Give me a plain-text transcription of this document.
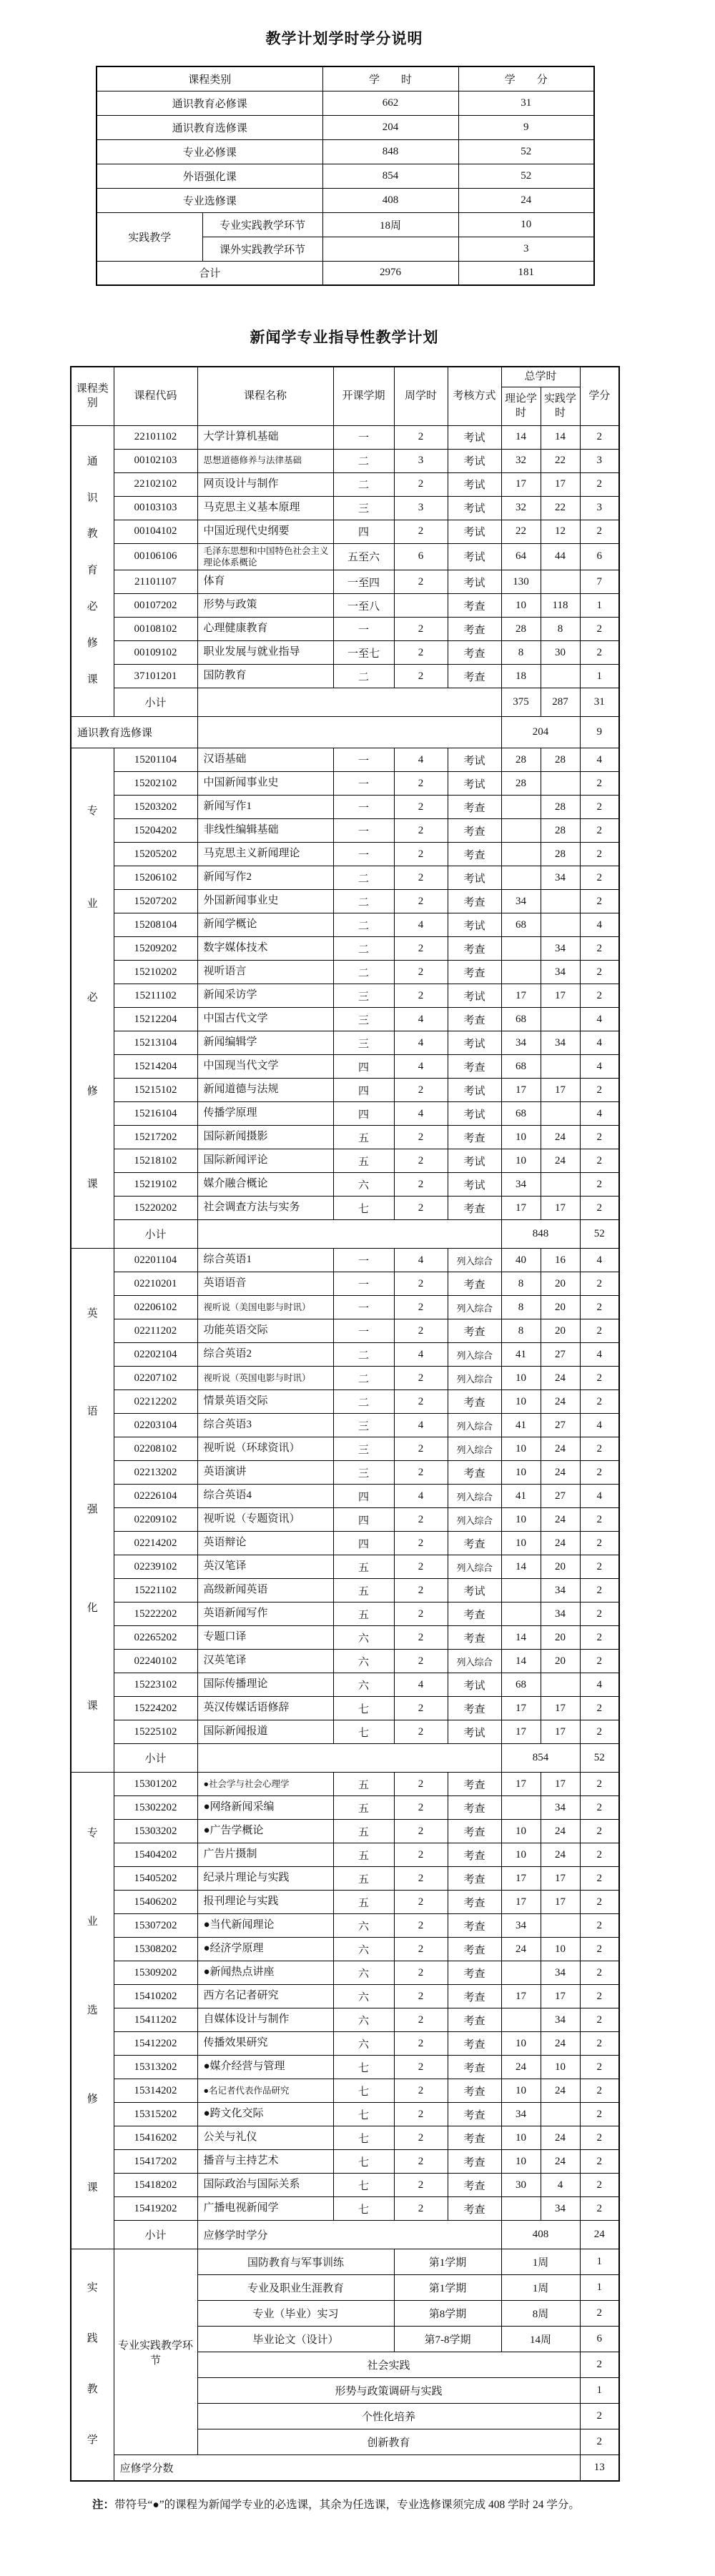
教学计划学时学分说明
课程类别		学　　时	学　　分
通识教育必修课		662	31
通识教育选修课		204	9
专业必修课		848	52
外语强化课		854	52
专业选修课		408	24
实践教学	专业实践教学环节	18周	10
	课外实践教学环节		3
合计		2976	181
新闻学专业指导性教学计划
课程类别	课程代码	课程名称	开课学期	周学时	考核方式	总学时		学分
						理论学时	实践学时	

通
识
教
育
必
修
课
	22101102	大学计算机基础	一	2	考试	14	14	2
	00102103	思想道德修养与法律基础	二	3	考试	32	22	3
	22102102	网页设计与制作	二	2	考试	17	17	2
	00103103	马克思主义基本原理	三	3	考试	32	22	3
	00104102	中国近现代史纲要	四	2	考试	22	12	2
	00106106	毛泽东思想和中国特色社会主义理论体系概论	五至六	6	考试	64	44	6
	21101107	体育	一至四	2	考试	130		7
	00107202	形势与政策	一至八		考查	10	118	1
	00108102	心理健康教育	一	2	考查	28	8	2
	00109102	职业发展与就业指导	一至七	2	考查	8	30	2
	37101201	国防教育	二	2	考查	18		1
	小计					375	287	31
通识教育选修课						204		9

专
业
必
修
课	15201104	汉语基础	一	4	考试	28	28	4
	15202102	中国新闻事业史	一	2	考试	28		2
	15203202	新闻写作1	一	2	考查		28	2
	15204202	非线性编辑基础	一	2	考查		28	2
	15205202	马克思主义新闻理论	一	2	考查		28	2
	15206102	新闻写作2	二	2	考试		34	2
	15207202	外国新闻事业史	二	2	考查	34		2
	15208104	新闻学概论	二	4	考试	68		4
	15209202	数字媒体技术	二	2	考查		34	2
	15210202	视听语言	二	2	考查		34	2
	15211102	新闻采访学	三	2	考试	17	17	2
	15212204	中国古代文学	三	4	考查	68		4
	15213104	新闻编辑学	三	4	考试	34	34	4
	15214204	中国现当代文学	四	4	考查	68		4
	15215102	新闻道德与法规	四	2	考试	17	17	2
	15216104	传播学原理	四	4	考试	68		4
	15217202	国际新闻摄影	五	2	考查	10	24	2
	15218102	国际新闻评论	五	2	考试	10	24	2
	15219102	媒介融合概论	六	2	考试	34		2
	15220202	社会调查方法与实务	七	2	考查	17	17	2
	小计					848		52

英
语
强
化
课	02201104	综合英语1	一	4	列入综合	40	16	4
	02210201	英语语音	一	2	考查	8	20	2
	02206102	视听说（美国电影与时讯）	一	2	列入综合	8	20	2
	02211202	功能英语交际	一	2	考查	8	20	2
	02202104	综合英语2	二	4	列入综合	41	27	4
	02207102	视听说（英国电影与时讯）	二	2	列入综合	10	24	2
	02212202	情景英语交际	二	2	考查	10	24	2
	02203104	综合英语3	三	4	列入综合	41	27	4
	02208102	视听说（环球资讯）	三	2	列入综合	10	24	2
	02213202	英语演讲	三	2	考查	10	24	2
	02226104	综合英语4	四	4	列入综合	41	27	4
	02209102	视听说（专题资讯）	四	2	列入综合	10	24	2
	02214202	英语辩论	四	2	考查	10	24	2
	02239102	英汉笔译	五	2	列入综合	14	20	2
	15221102	高级新闻英语	五	2	考试		34	2
	15222202	英语新闻写作	五	2	考查		34	2
	02265202	专题口译	六	2	考查	14	20	2
	02240102	汉英笔译	六	2	列入综合	14	20	2
	15223102	国际传播理论	六	4	考试	68		4
	15224202	英汉传媒话语修辞	七	2	考查	17	17	2
	15225102	国际新闻报道	七	2	考试	17	17	2
	小计					854		52

专
业
选
修
课	15301202	●社会学与社会心理学	五	2	考查	17	17	2
	15302202	●网络新闻采编	五	2	考查		34	2
	15303202	●广告学概论	五	2	考查	10	24	2
	15404202	广告片摄制	五	2	考查	10	24	2
	15405202	纪录片理论与实践	五	2	考查	17	17	2
	15406202	报刊理论与实践	五	2	考查	17	17	2
	15307202	●当代新闻理论	六	2	考查	34		2
	15308202	●经济学原理	六	2	考查	24	10	2
	15309202	●新闻热点讲座	六	2	考查		34	2
	15410202	西方名记者研究	六	2	考查	17	17	2
	15411202	自媒体设计与制作	六	2	考查		34	2
	15412202	传播效果研究	六	2	考查	10	24	2
	15313202	●媒介经营与管理	七	2	考查	24	10	2
	15314202	●名记者代表作品研究	七	2	考查	10	24	2
	15315202	●跨文化交际	七	2	考查	34		2
	15416202	公关与礼仪	七	2	考查	10	24	2
	15417202	播音与主持艺术	七	2	考查	10	24	2
	15418202	国际政治与国际关系	七	2	考查	30	4	2
	15419202	广播电视新闻学	七	2	考查		34	2
	小计	应修学时学分				408		24

实
践
教
学	专业实践教学环节	国防教育与军事训练		第1学期		1周		1
		专业及职业生涯教育		第1学期		1周		1
		专业（毕业）实习		第8学期		8周		2
		毕业论文（设计）		第7-8学期		14周		6
		社会实践						2
		形势与政策调研与实践						1
		个性化培养						2
		创新教育						2
	应修学分数							13
注：带符号“●”的课程为新闻学专业的必选课，其余为任选课，专业选修课须完成 408 学时 24 学分。
